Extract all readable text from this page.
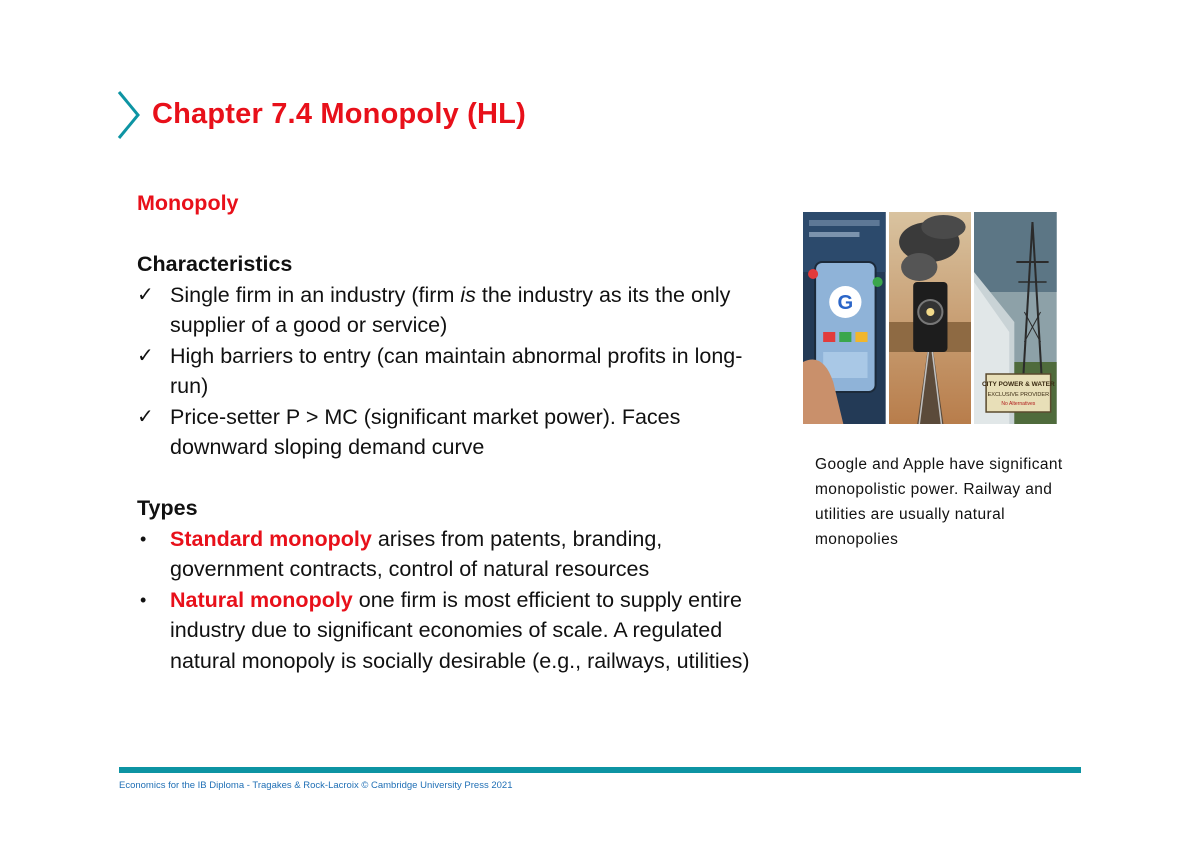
Chapter 7.4 Monopoly (HL)

Monopoly

Characteristics

✓ Single firm in an industry (firm is the industry as its the only supplier of a good or service)
✓ High barriers to entry (can maintain abnormal profits in long-run)
✓ Price-setter P > MC (significant market power). Faces downward sloping demand curve

Types

•	Standard monopoly arises from patents, branding, government contracts, control of natural resources
•	Natural monopoly one firm is most efficient to supply entire industry due to significant economies of scale. A regulated natural monopoly is socially desirable (e.g., railways, utilities)
G
CITY POWER & WATER
EXCLUSIVE PROVIDER
No Alternatives
Google and Apple have significant monopolistic power. Railway and utilities are usually natural monopolies
Economics for the IB Diploma - Tragakes & Rock-Lacroix © Cambridge University Press 2021
